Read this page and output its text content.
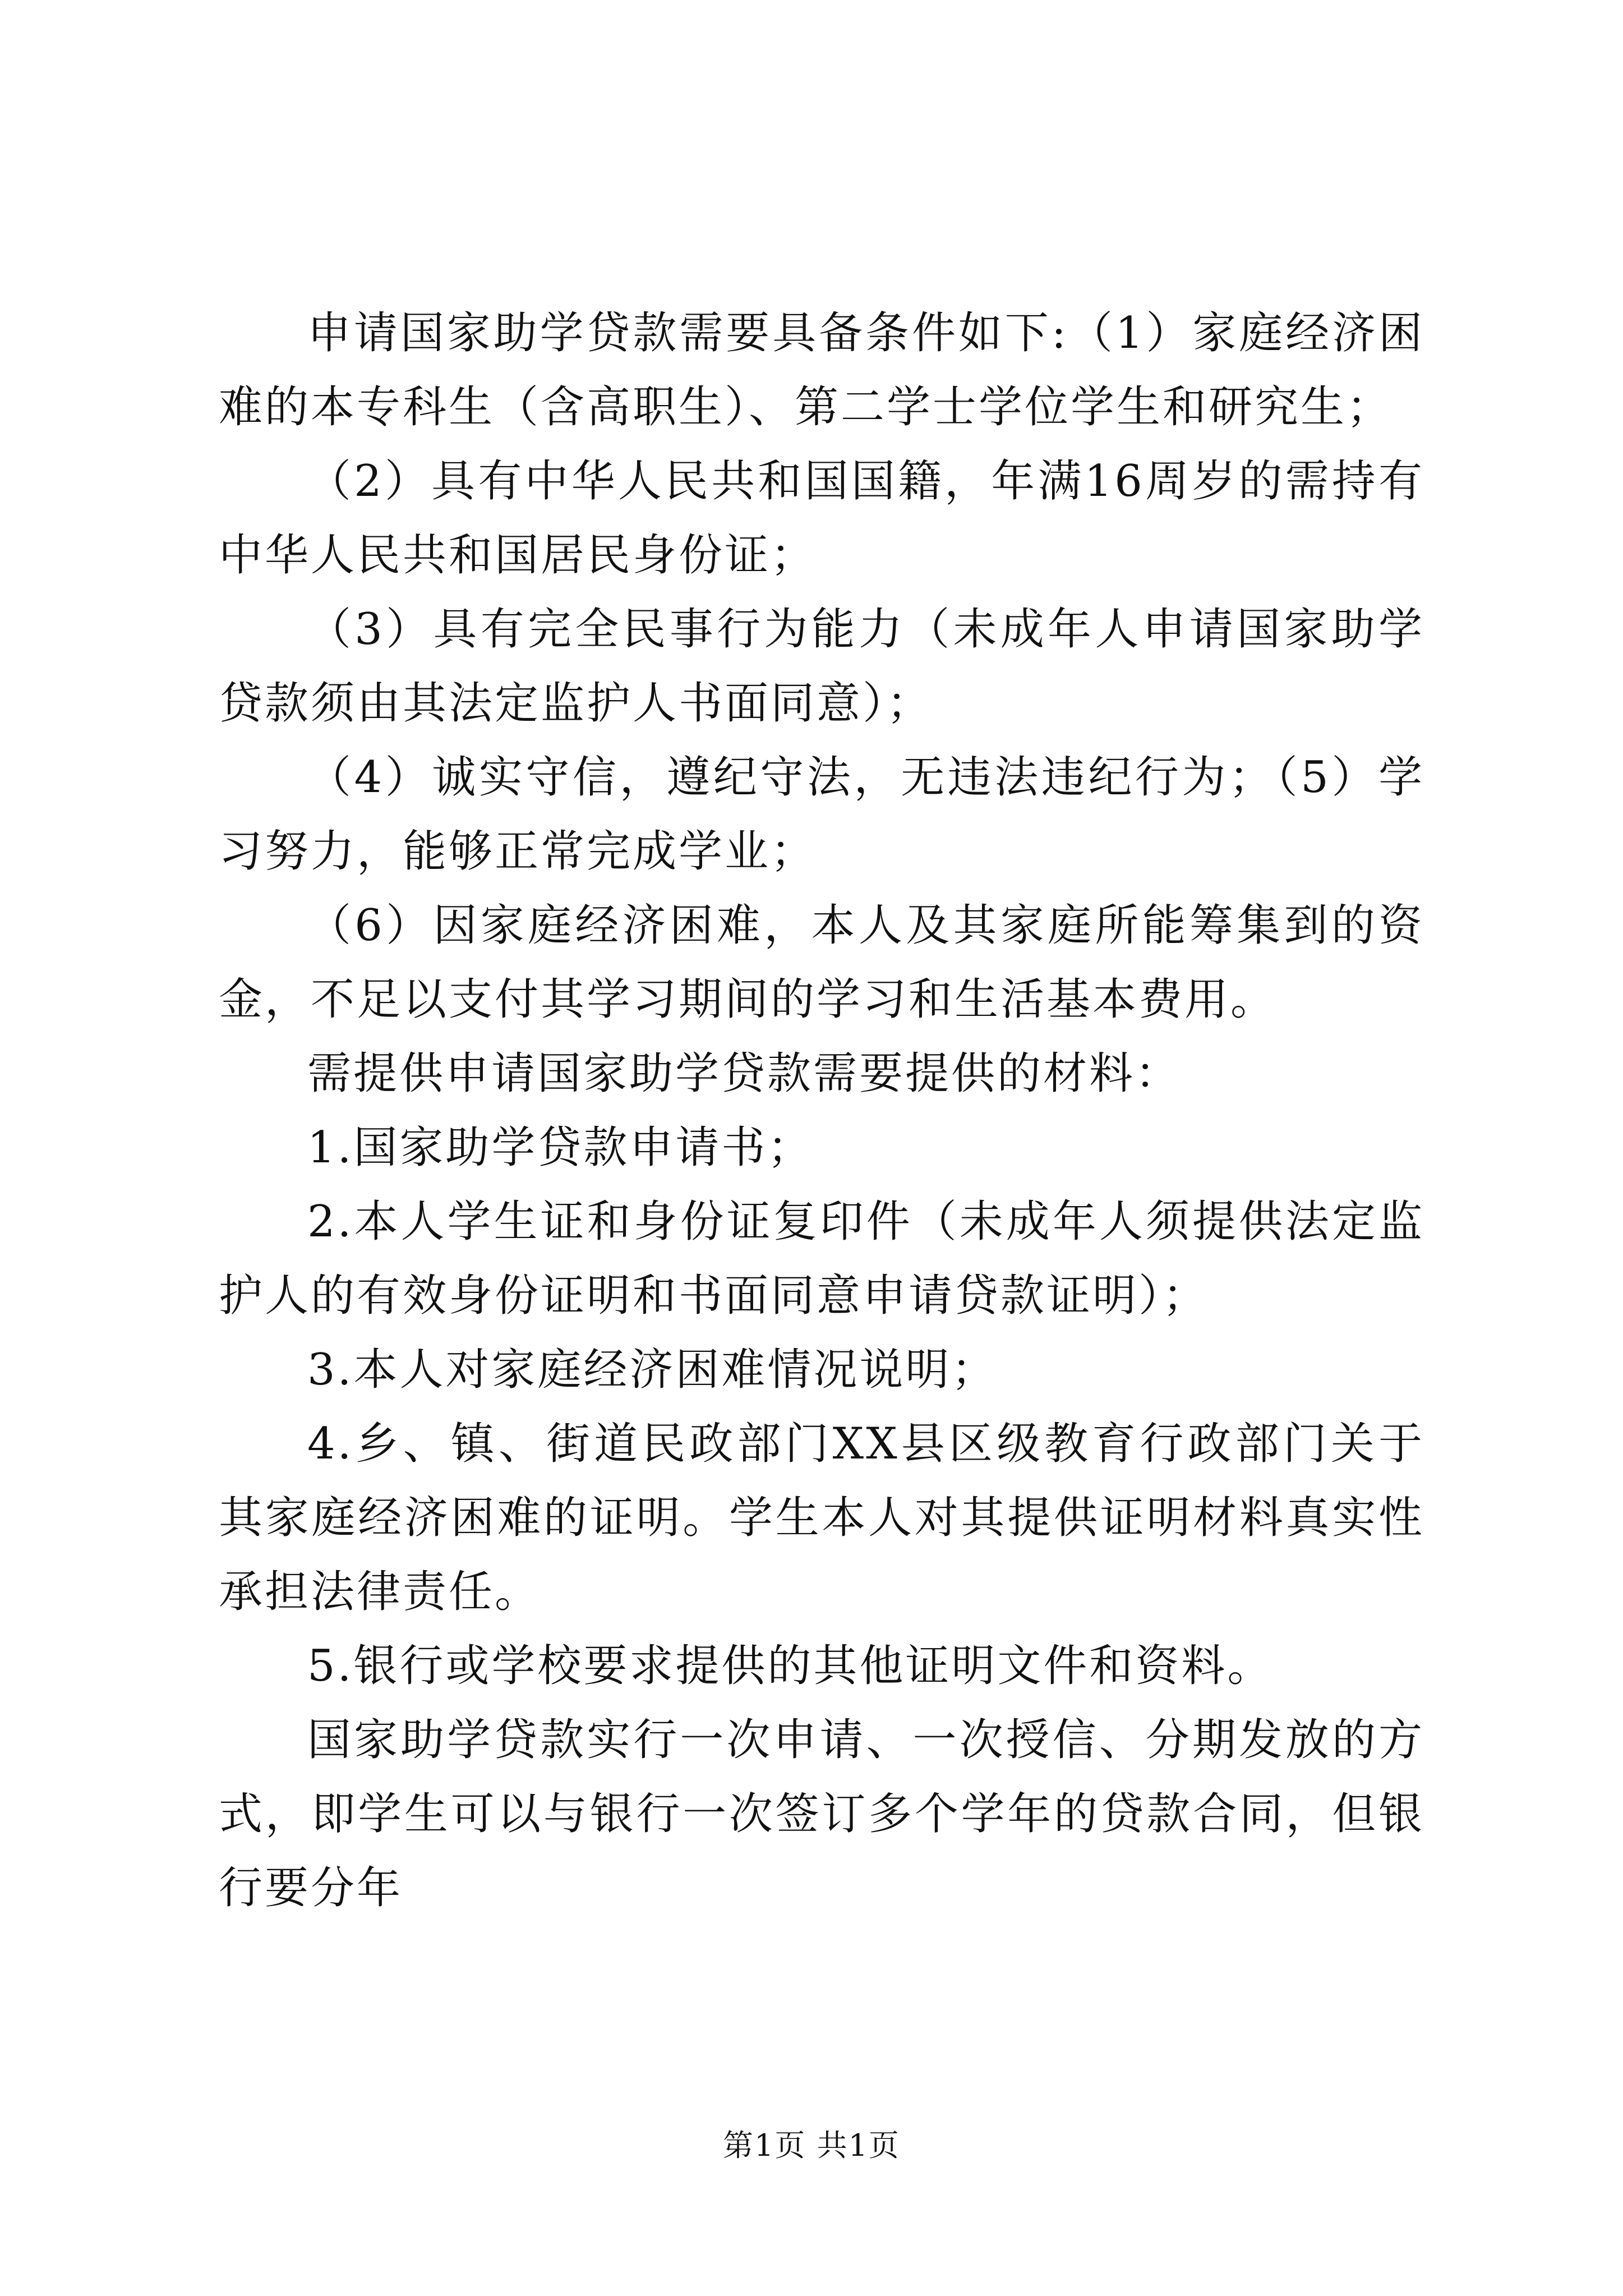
申请国家助学贷款需要具备条件如下:（1）家庭经济困难的本专科生（含高职生）、第二学士学位学生和研究生；

（2）具有中华人民共和国国籍，年满16周岁的需持有中华人民共和国居民身份证；

（3）具有完全民事行为能力（未成年人申请国家助学贷款须由其法定监护人书面同意）；

（4）诚实守信，遵纪守法，无违法违纪行为；（5）学习努力，能够正常完成学业；

（6）因家庭经济困难，本人及其家庭所能筹集到的资金，不足以支付其学习期间的学习和生活基本费用。

需提供申请国家助学贷款需要提供的材料：

1.国家助学贷款申请书；

2.本人学生证和身份证复印件（未成年人须提供法定监护人的有效身份证明和书面同意申请贷款证明）；

3.本人对家庭经济困难情况说明；

4.乡、镇、街道民政部门XX县区级教育行政部门关于其家庭经济困难的证明。学生本人对其提供证明材料真实性承担法律责任。

5.银行或学校要求提供的其他证明文件和资料。

国家助学贷款实行一次申请、一次授信、分期发放的方式，即学生可以与银行一次签订多个学年的贷款合同，但银行要分年

第1页 共1页
